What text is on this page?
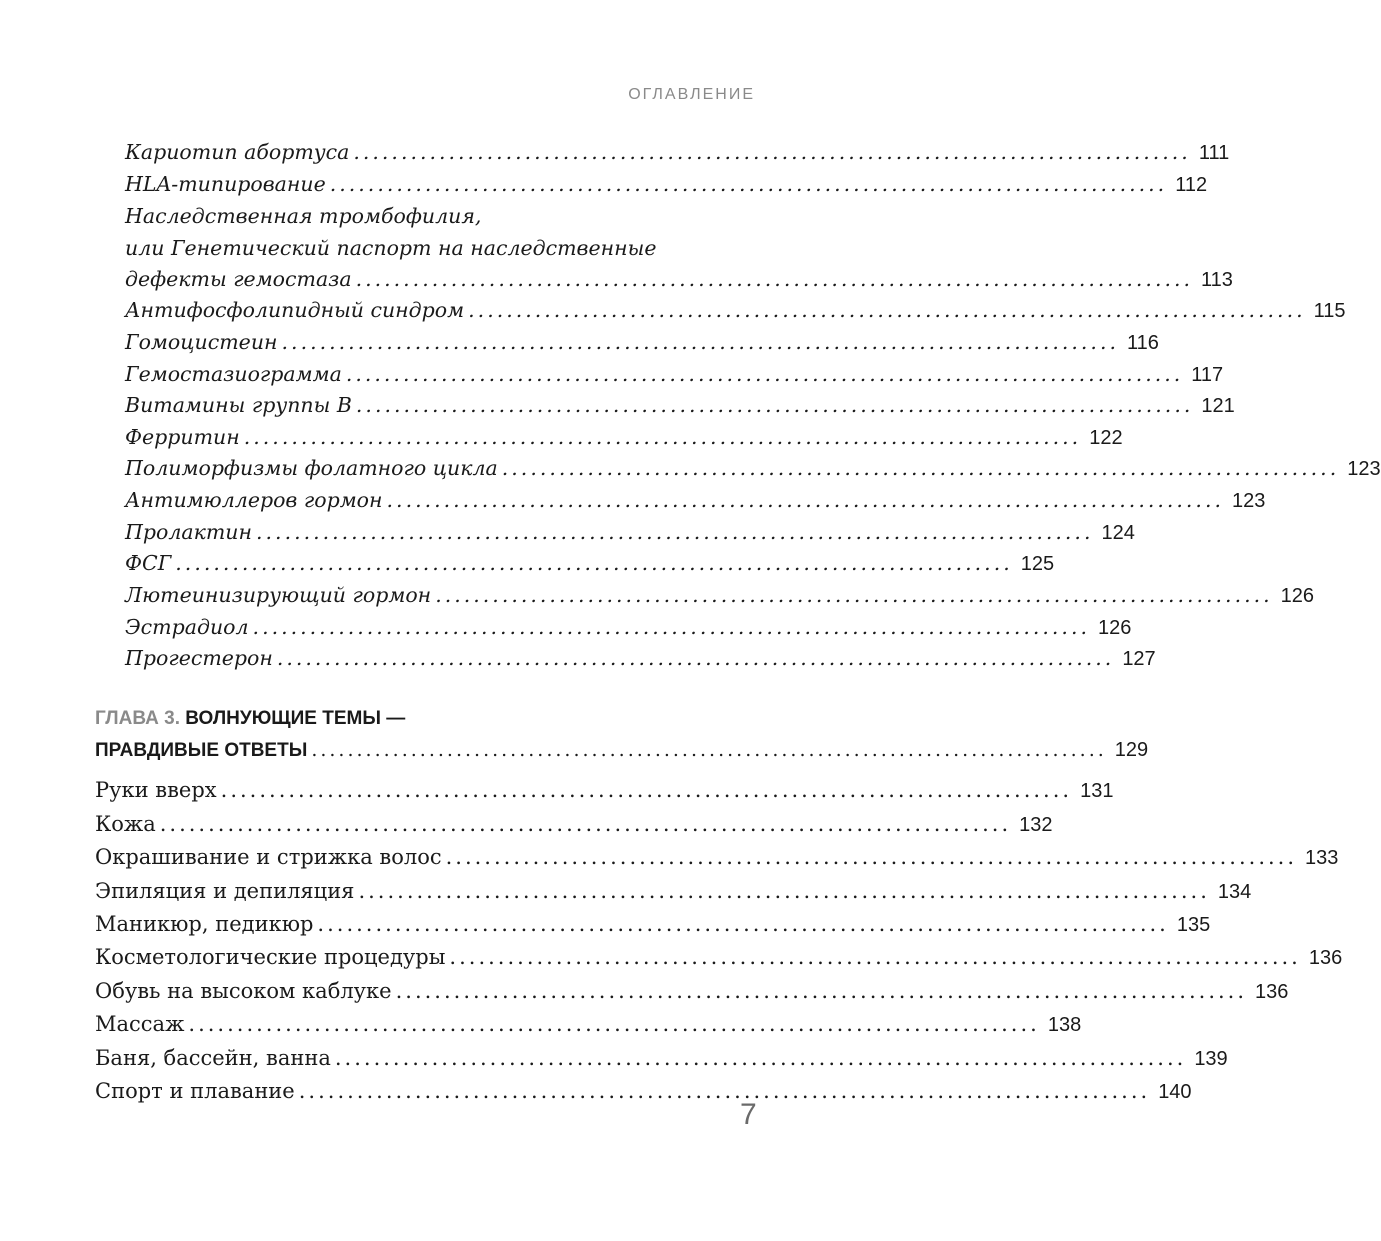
ОГЛАВЛЕНИЕ
Кариотип абортуса ........................................................................................ 111
HLA-типирование ........................................................................................ 112
Наследственная тромбофилия,
или Генетический паспорт на наследственные
дефекты гемостаза ........................................................................................ 113
Антифосфолипидный синдром ........................................................................................ 115
Гомоцистеин ........................................................................................ 116
Гемостазиограмма ........................................................................................ 117
Витамины группы В ........................................................................................ 121
Ферритин ........................................................................................ 122
Полиморфизмы фолатного цикла ........................................................................................ 123
Антимюллеров гормон ........................................................................................ 123
Пролактин ........................................................................................ 124
ФСГ ........................................................................................ 125
Лютеинизирующий гормон ........................................................................................ 126
Эстрадиол ........................................................................................ 126
Прогестерон ........................................................................................ 127
ГЛАВА 3. ВОЛНУЮЩИЕ ТЕМЫ —
ПРАВДИВЫЕ ОТВЕТЫ ........................................................................................ 129
Руки вверх ........................................................................................ 131
Кожа ........................................................................................ 132
Окрашивание и стрижка волос ........................................................................................ 133
Эпиляция и депиляция ........................................................................................ 134
Маникюр, педикюр ........................................................................................ 135
Косметологические процедуры ........................................................................................ 136
Обувь на высоком каблуке ........................................................................................ 136
Массаж ........................................................................................ 138
Баня, бассейн, ванна ........................................................................................ 139
Спорт и плавание ........................................................................................ 140
7
